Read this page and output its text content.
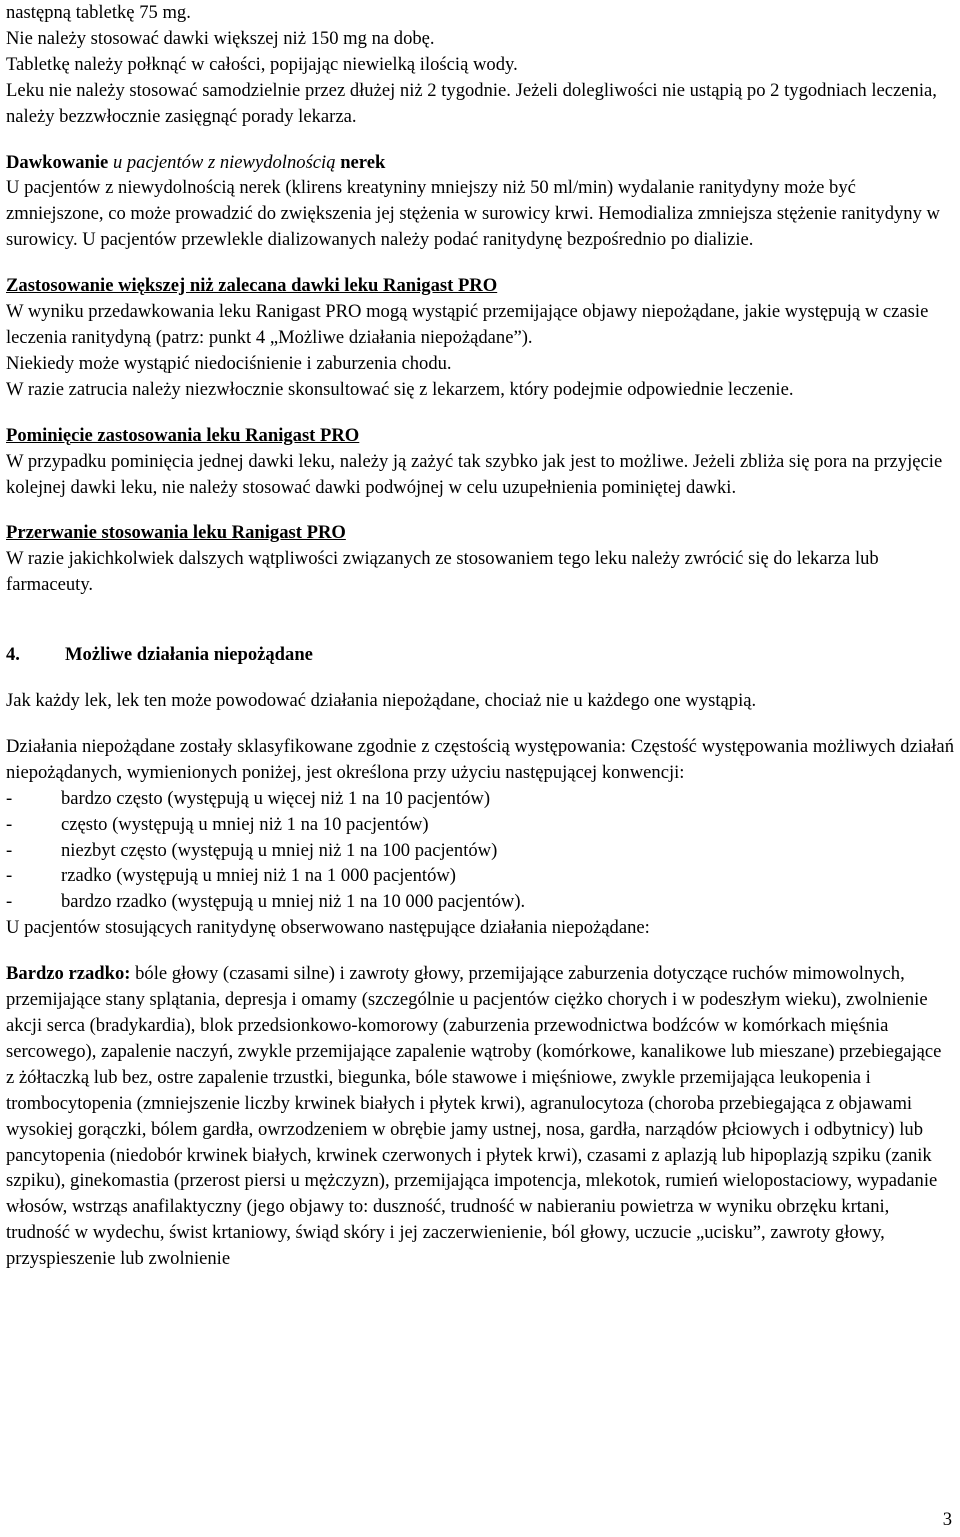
następną tabletkę 75 mg.

Nie należy stosować dawki większej niż 150 mg na dobę.

Tabletkę należy połknąć w całości, popijając niewielką ilością wody.

Leku nie należy stosować samodzielnie przez dłużej niż 2 tygodnie. Jeżeli dolegliwości nie ustąpią po 2 tygodniach leczenia, należy bezzwłocznie zasięgnąć porady lekarza.

Dawkowanie u pacjentów z niewydolnością nerek

U pacjentów z niewydolnością nerek (klirens kreatyniny mniejszy niż 50 ml/min) wydalanie ranitydyny może być zmniejszone, co może prowadzić do zwiększenia jej stężenia w surowicy krwi. Hemodializa zmniejsza stężenie ranitydyny w surowicy. U pacjentów przewlekle dializowanych należy podać ranitydynę bezpośrednio po dializie.

Zastosowanie większej niż zalecana dawki leku Ranigast PRO

W wyniku przedawkowania leku Ranigast PRO mogą wystąpić przemijające objawy niepożądane, jakie występują w czasie leczenia ranitydyną (patrz: punkt 4 „Możliwe działania niepożądane”).

Niekiedy może wystąpić niedociśnienie i zaburzenia chodu.

W razie zatrucia należy niezwłocznie skonsultować się z lekarzem, który podejmie odpowiednie leczenie.

Pominięcie zastosowania leku Ranigast PRO

W przypadku pominięcia jednej dawki leku, należy ją zażyć tak szybko jak jest to możliwe. Jeżeli zbliża się pora na przyjęcie kolejnej dawki leku, nie należy stosować dawki podwójnej w celu uzupełnienia pominiętej dawki.

Przerwanie stosowania leku Ranigast PRO

W razie jakichkolwiek dalszych wątpliwości związanych ze stosowaniem tego leku należy zwrócić się do lekarza lub farmaceuty.

4.	Możliwe działania niepożądane

Jak każdy lek, lek ten może powodować działania niepożądane, chociaż nie u każdego one wystąpią.

Działania niepożądane zostały sklasyfikowane zgodnie z częstością występowania: Częstość występowania możliwych działań niepożądanych, wymienionych poniżej, jest określona przy użyciu następującej konwencji:

-	bardzo często (występują u więcej niż 1 na 10 pacjentów)
-	często (występują u mniej niż 1 na 10 pacjentów)
-	niezbyt często (występują u mniej niż 1 na 100 pacjentów)
-	rzadko (występują u mniej niż 1 na 1 000 pacjentów)
-	bardzo rzadko (występują u mniej niż 1 na 10 000 pacjentów).

U pacjentów stosujących ranitydynę obserwowano następujące działania niepożądane:

Bardzo rzadko: bóle głowy (czasami silne) i zawroty głowy, przemijające zaburzenia dotyczące ruchów mimowolnych, przemijające stany splątania, depresja i omamy (szczególnie u pacjentów ciężko chorych i w podeszłym wieku), zwolnienie akcji serca (bradykardia), blok przedsionkowo-komorowy (zaburzenia przewodnictwa bodźców w komórkach mięśnia sercowego), zapalenie naczyń, zwykle przemijające zapalenie wątroby (komórkowe, kanalikowe lub mieszane) przebiegające z żółtaczką lub bez, ostre zapalenie trzustki, biegunka, bóle stawowe i mięśniowe, zwykle przemijająca leukopenia i trombocytopenia (zmniejszenie liczby krwinek białych i płytek krwi), agranulocytoza (choroba przebiegająca z objawami wysokiej gorączki, bólem gardła, owrzodzeniem w obrębie jamy ustnej, nosa, gardła, narządów płciowych i odbytnicy) lub pancytopenia (niedobór krwinek białych, krwinek czerwonych i płytek krwi), czasami z aplazją lub hipoplazją szpiku (zanik szpiku), ginekomastia (przerost piersi u mężczyzn), przemijająca impotencja, mlekotok, rumień wielopostaciowy, wypadanie włosów, wstrząs anafilaktyczny (jego objawy to: duszność, trudność w nabieraniu powietrza w wyniku obrzęku krtani, trudność w wydechu, świst krtaniowy, świąd skóry i jej zaczerwienienie, ból głowy, uczucie „ucisku”, zawroty głowy, przyspieszenie lub zwolnienie

3
